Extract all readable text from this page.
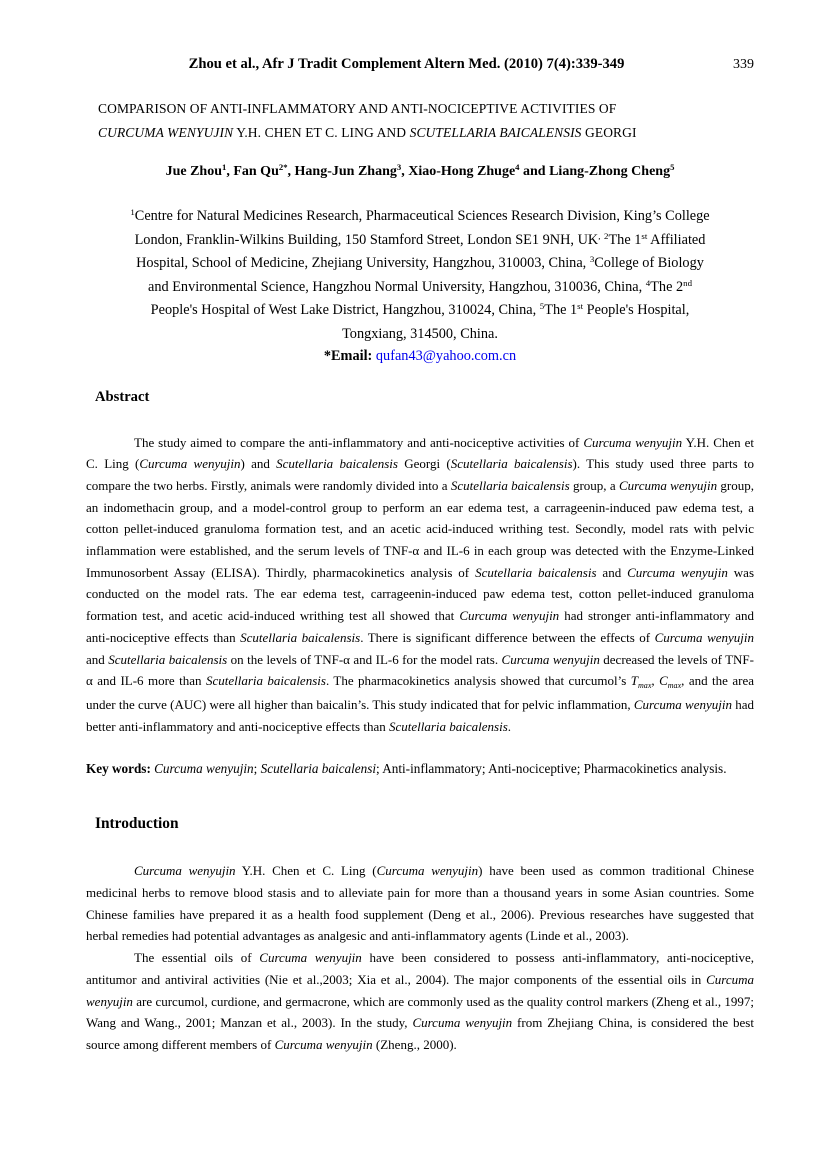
Zhou et al., Afr J Tradit Complement Altern Med. (2010) 7(4):339-349	339
COMPARISON OF ANTI-INFLAMMATORY AND ANTI-NOCICEPTIVE ACTIVITIES OF
CURCUMA WENYUJIN Y.H. CHEN ET C. LING AND SCUTELLARIA BAICALENSIS GEORGI
Jue Zhou$^1$, Fan $Qu^{2*}$, Hang-Jun Zhang$^3$, Xiao-Hong Zhuge$^4$ and Liang-Zhong Cheng$^5$
$^1$Centre for Natural Medicines Research, Pharmaceutical Sciences Research Division, King’s College
London, Franklin-Wilkins Building, 150 Stamford Street, London SE1 9NH, UK, $^2$The 1st Affiliated
Hospital, School of Medicine, Zhejiang University, Hangzhou, 310003, China, $^3$College of Biology
and Environmental Science, Hangzhou Normal University, Hangzhou, 310036, China, $^4$The 2nd
People's Hospital of West Lake District, Hangzhou, 310024, China, $^5$The 1st People's Hospital,
Tongxiang, 314500, China.
*Email: qufan43@yahoo.com.cn
Abstract
The study aimed to compare the anti-inflammatory and anti-nociceptive activities of Curcuma wenyujin Y.H. Chen et C. Ling (Curcuma wenyujin) and Scutellaria baicalensis Georgi (Scutellaria baicalensis). This study used three parts to compare the two herbs. Firstly, animals were randomly divided into a Scutellaria baicalensis group, a Curcuma wenyujin group, an indomethacin group, and a model-control group to perform an ear edema test, a carrageenin-induced paw edema test, a cotton pellet-induced granuloma formation test, and an acetic acid-induced writhing test. Secondly, model rats with pelvic inflammation were established, and the serum levels of TNF-α and IL-6 in each group was detected with the Enzyme-Linked Immunosorbent Assay (ELISA). Thirdly, pharmacokinetics analysis of Scutellaria baicalensis and Curcuma wenyujin was conducted on the model rats. The ear edema test, carrageenin-induced paw edema test, cotton pellet-induced granuloma formation test, and acetic acid-induced writhing test all showed that Curcuma wenyujin had stronger anti-inflammatory and anti-nociceptive effects than Scutellaria baicalensis. There is significant difference between the effects of Curcuma wenyujin and Scutellaria baicalensis on the levels of TNF-α and IL-6 for the model rats. Curcuma wenyujin decreased the levels of TNF-α and IL-6 more than Scutellaria baicalensis. The pharmacokinetics analysis showed that curcumol’s Tmax, Cmax, and the area under the curve (AUC) were all higher than baicalin’s. This study indicated that for pelvic inflammation, Curcuma wenyujin had better anti-inflammatory and anti-nociceptive effects than Scutellaria baicalensis.
Key words: Curcuma wenyujin; Scutellaria baicalensi; Anti-inflammatory; Anti-nociceptive; Pharmacokinetics analysis.
Introduction
Curcuma wenyujin Y.H. Chen et C. Ling (Curcuma wenyujin) have been used as common traditional Chinese medicinal herbs to remove blood stasis and to alleviate pain for more than a thousand years in some Asian countries. Some Chinese families have prepared it as a health food supplement (Deng et al., 2006). Previous researches have suggested that herbal remedies had potential advantages as analgesic and anti-inflammatory agents (Linde et al., 2003).
The essential oils of Curcuma wenyujin have been considered to possess anti-inflammatory, anti-nociceptive, antitumor and antiviral activities (Nie et al.,2003; Xia et al., 2004). The major components of the essential oils in Curcuma wenyujin are curcumol, curdione, and germacrone, which are commonly used as the quality control markers (Zheng et al., 1997; Wang and Wang., 2001; Manzan et al., 2003). In the study, Curcuma wenyujin from Zhejiang China, is considered the best source among different members of Curcuma wenyujin (Zheng., 2000).
